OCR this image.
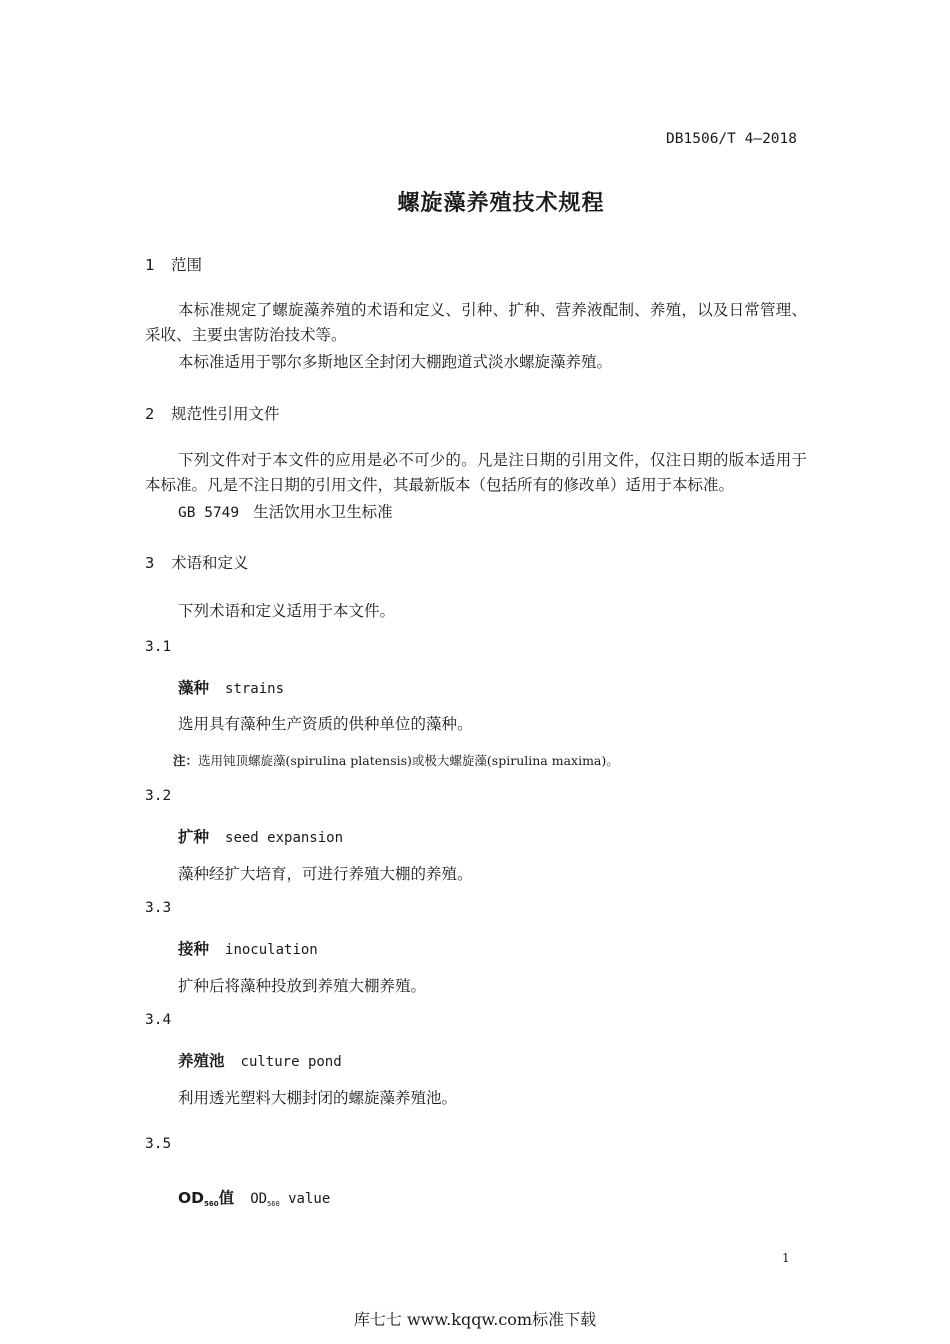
DB1506/T 4—2018
螺旋藻养殖技术规程
1 范围
本标准规定了螺旋藻养殖的术语和定义、引种、扩种、营养液配制、养殖，以及日常管理、采收、主要虫害防治技术等。
本标准适用于鄂尔多斯地区全封闭大棚跑道式淡水螺旋藻养殖。
2 规范性引用文件
下列文件对于本文件的应用是必不可少的。凡是注日期的引用文件，仅注日期的版本适用于本标准。凡是不注日期的引用文件，其最新版本（包括所有的修改单）适用于本标准。
GB 5749 生活饮用水卫生标准
3 术语和定义
下列术语和定义适用于本文件。
3.1
藻种 strains
选用具有藻种生产资质的供种单位的藻种。
注：选用钝顶螺旋藻(spirulina platensis)或极大螺旋藻(spirulina maxima)。
3.2
扩种 seed expansion
藻种经扩大培育，可进行养殖大棚的养殖。
3.3
接种 inoculation
扩种后将藻种投放到养殖大棚养殖。
3.4
养殖池 culture pond
利用透光塑料大棚封闭的螺旋藻养殖池。
3.5
$OD_{560}$值 $OD_{560}$ value
1
库七七 www.kqqw.com标准下载
